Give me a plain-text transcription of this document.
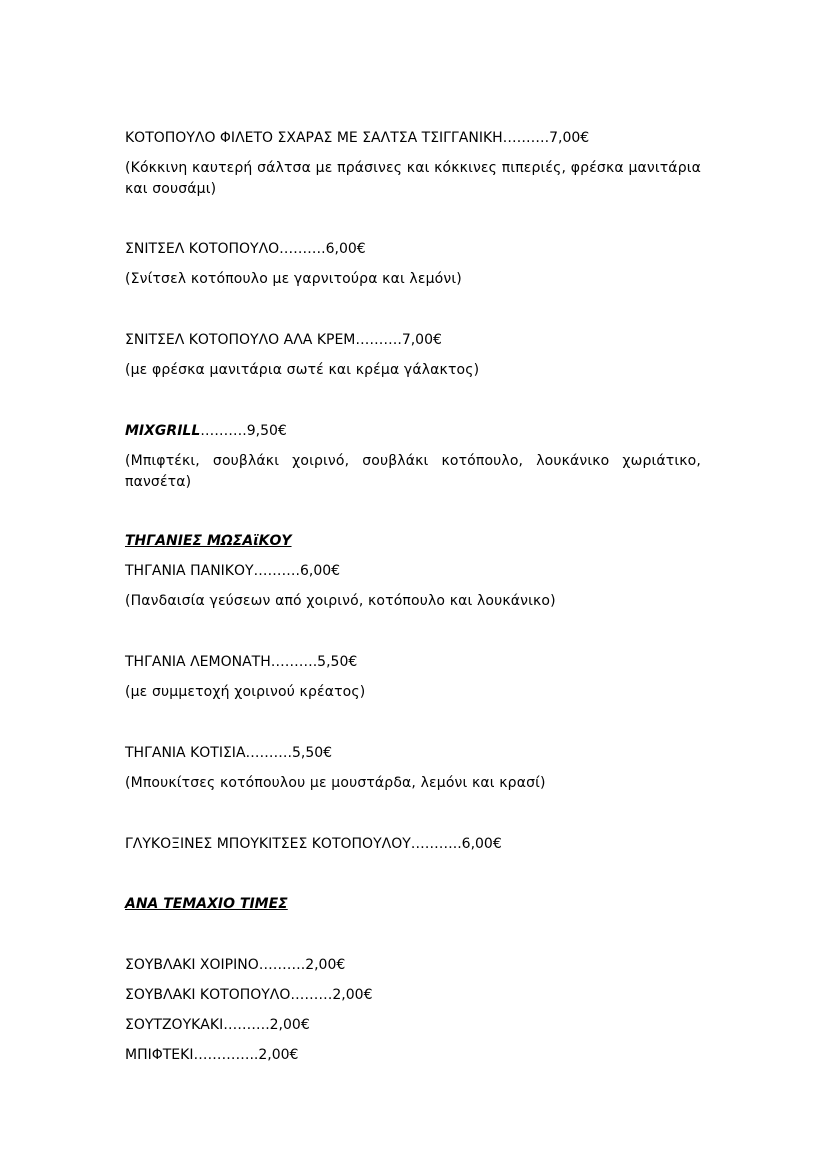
ΚΟΤΟΠΟΥΛΟ ΦΙΛΕΤΟ ΣΧΑΡΑΣ ΜΕ ΣΑΛΤΣΑ ΤΣΙΓΓΑΝΙΚΗ……….7,00€
(Κόκκινη καυτερή σάλτσα με πράσινες και κόκκινες πιπεριές, φρέσκα μανιτάρια και σουσάμι)
ΣΝΙΤΣΕΛ ΚΟΤΟΠΟΥΛΟ……….6,00€
(Σνίτσελ κοτόπουλο με γαρνιτούρα και λεμόνι)
ΣΝΙΤΣΕΛ ΚΟΤΟΠΟΥΛΟ ΑΛΑ ΚΡΕΜ……….7,00€
(με φρέσκα μανιτάρια σωτέ και κρέμα γάλακτος)
MIXGRILL……….9,50€
(Μπιφτέκι, σουβλάκι χοιρινό, σουβλάκι κοτόπουλο, λουκάνικο χωριάτικο, πανσέτα)
ΤΗΓΑΝΙΕΣ ΜΩΣΑϊΚΟΥ
ΤΗΓΑΝΙΑ ΠΑΝΙΚΟΥ……….6,00€
(Πανδαισία γεύσεων από χοιρινό, κοτόπουλο και λουκάνικο)
ΤΗΓΑΝΙΑ ΛΕΜΟΝΑΤΗ……….5,50€
(με συμμετοχή χοιρινού κρέατος)
ΤΗΓΑΝΙΑ ΚΟΤΙΣΙΑ……….5,50€
(Μπουκίτσες κοτόπουλου με μουστάρδα, λεμόνι και κρασί)
ΓΛΥΚΟΞΙΝΕΣ ΜΠΟΥΚΙΤΣΕΣ ΚΟΤΟΠΟΥΛΟΥ………..6,00€
ΑΝΑ ΤΕΜΑΧΙΟ ΤΙΜΕΣ
ΣΟΥΒΛΑΚΙ ΧΟΙΡΙΝΟ……….2,00€
ΣΟΥΒΛΑΚΙ ΚΟΤΟΠΟΥΛΟ………2,00€
ΣΟΥΤΖΟΥΚΑΚΙ……….2,00€
ΜΠΙΦΤΕΚΙ…………..2,00€
